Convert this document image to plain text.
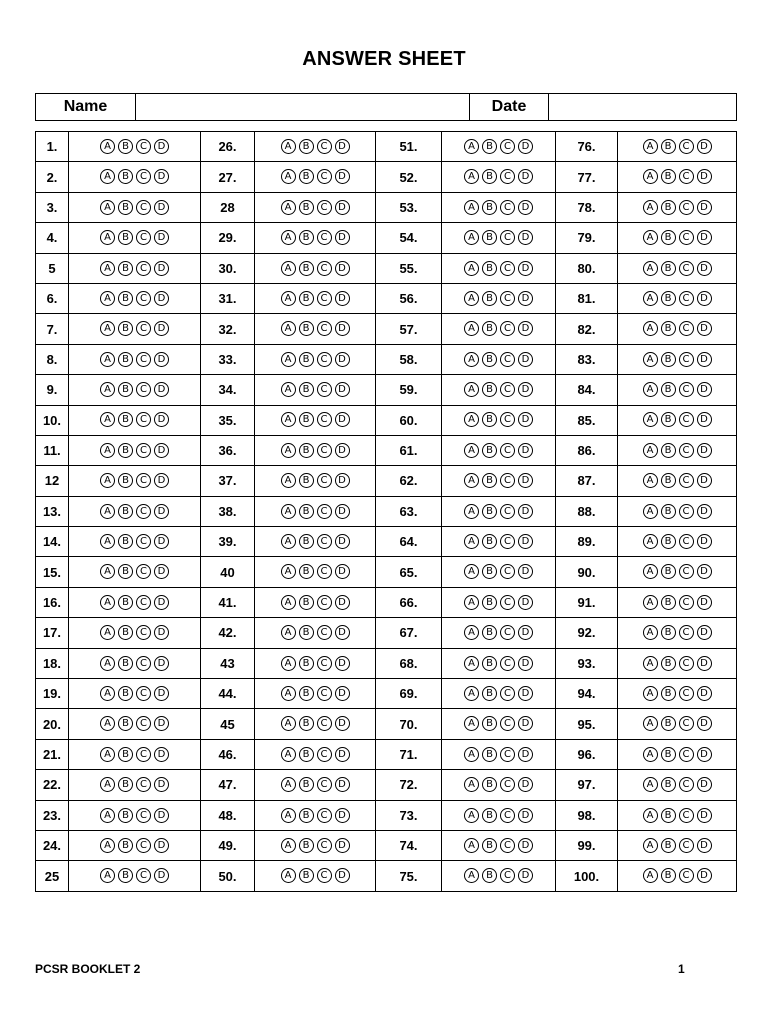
ANSWER SHEET
Name		Date	
1.	A B C D	26.	A B C D	51.	A B C D	76.	A B C D

2.	A B C D	27.	A B C D	52.	A B C D	77.	A B C D

3.	A B C D	28	A B C D	53.	A B C D	78.	A B C D

4.	A B C D	29.	A B C D	54.	A B C D	79.	A B C D

5	A B C D	30.	A B C D	55.	A B C D	80.	A B C D

6.	A B C D	31.	A B C D	56.	A B C D	81.	A B C D

7.	A B C D	32.	A B C D	57.	A B C D	82.	A B C D

8.	A B C D	33.	A B C D	58.	A B C D	83.	A B C D

9.	A B C D	34.	A B C D	59.	A B C D	84.	A B C D

10.	A B C D	35.	A B C D	60.	A B C D	85.	A B C D

11.	A B C D	36.	A B C D	61.	A B C D	86.	A B C D

12	A B C D	37.	A B C D	62.	A B C D	87.	A B C D

13.	A B C D	38.	A B C D	63.	A B C D	88.	A B C D

14.	A B C D	39.	A B C D	64.	A B C D	89.	A B C D

15.	A B C D	40	A B C D	65.	A B C D	90.	A B C D

16.	A B C D	41.	A B C D	66.	A B C D	91.	A B C D

17.	A B C D	42.	A B C D	67.	A B C D	92.	A B C D

18.	A B C D	43	A B C D	68.	A B C D	93.	A B C D

19.	A B C D	44.	A B C D	69.	A B C D	94.	A B C D

20.	A B C D	45	A B C D	70.	A B C D	95.	A B C D

21.	A B C D	46.	A B C D	71.	A B C D	96.	A B C D

22.	A B C D	47.	A B C D	72.	A B C D	97.	A B C D

23.	A B C D	48.	A B C D	73.	A B C D	98.	A B C D

24.	A B C D	49.	A B C D	74.	A B C D	99.	A B C D

25	A B C D	50.	A B C D	75.	A B C D	100.	A B C D
PCSR BOOKLET 2	1
